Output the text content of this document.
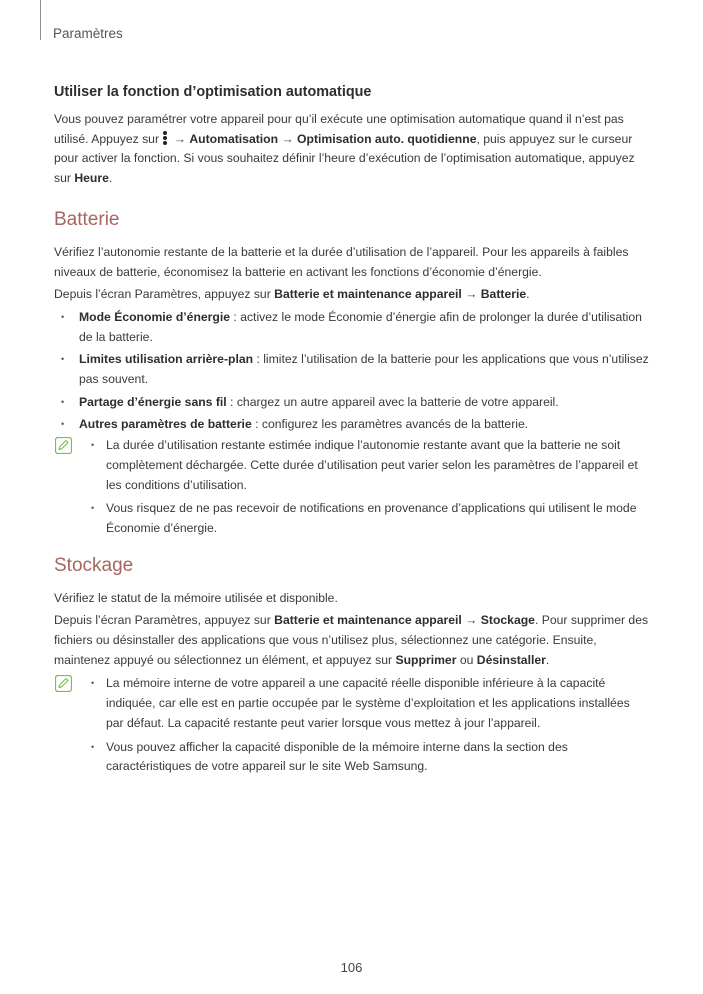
Paramètres
Utiliser la fonction d’optimisation automatique

Vous pouvez paramétrer votre appareil pour qu’il exécute une optimisation automatique quand il n’est pas utilisé. Appuyez sur
→ Automatisation → Optimisation auto. quotidienne, puis appuyez sur le curseur pour activer la fonction. Si vous souhaitez définir l’heure d’exécution de l’optimisation automatique, appuyez sur Heure.

Batterie

Vérifiez l’autonomie restante de la batterie et la durée d’utilisation de l’appareil. Pour les appareils à faibles niveaux de batterie, économisez la batterie en activant les fonctions d’économie d’énergie.

Depuis l’écran Paramètres, appuyez sur Batterie et maintenance appareil → Batterie.

• Mode Économie d’énergie : activez le mode Économie d’énergie afin de prolonger la durée d’utilisation de la batterie.
• Limites utilisation arrière-plan : limitez l’utilisation de la batterie pour les applications que vous n’utilisez pas souvent.
• Partage d’énergie sans fil : chargez un autre appareil avec la batterie de votre appareil.
• Autres paramètres de batterie : configurez les paramètres avancés de la batterie.
• La durée d’utilisation restante estimée indique l’autonomie restante avant que la batterie ne soit complètement déchargée. Cette durée d’utilisation peut varier selon les paramètres de l’appareil et les conditions d’utilisation.
• Vous risquez de ne pas recevoir de notifications en provenance d’applications qui utilisent le mode Économie d’énergie.
Stockage

Vérifiez le statut de la mémoire utilisée et disponible.

Depuis l’écran Paramètres, appuyez sur Batterie et maintenance appareil → Stockage. Pour supprimer des fichiers ou désinstaller des applications que vous n’utilisez plus, sélectionnez une catégorie. Ensuite, maintenez appuyé ou sélectionnez un élément, et appuyez sur Supprimer ou Désinstaller.

• La mémoire interne de votre appareil a une capacité réelle disponible inférieure à la capacité indiquée, car elle est en partie occupée par le système d’exploitation et les applications installées par défaut. La capacité restante peut varier lorsque vous mettez à jour l’appareil.
• Vous pouvez afficher la capacité disponible de la mémoire interne dans la section des caractéristiques de votre appareil sur le site Web Samsung.
106
